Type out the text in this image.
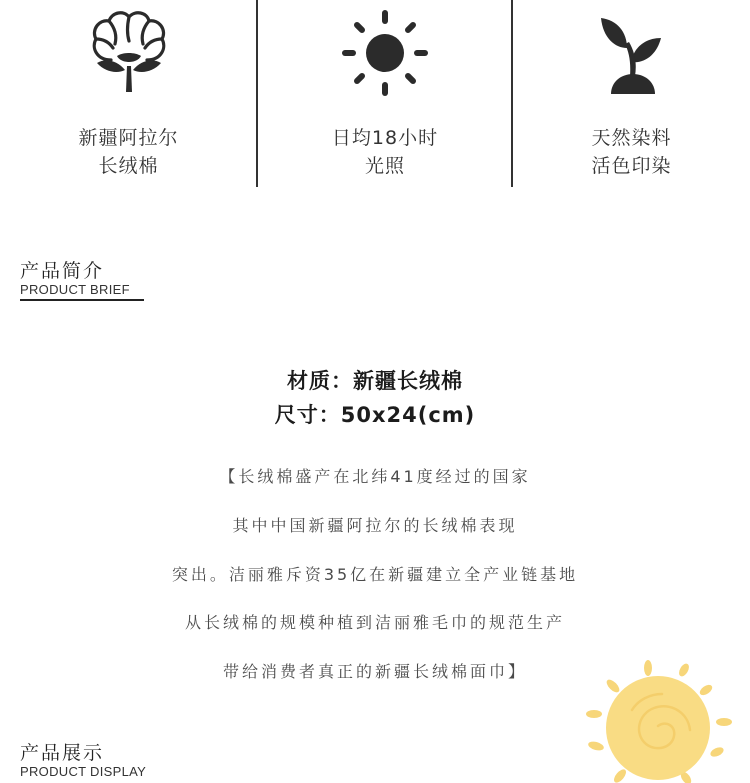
新疆阿拉尔
长绒棉
日均18小时
光照
天然染料
活色印染
产品简介
PRODUCT BRIEF
材质：新疆长绒棉
尺寸：50x24(cm)
【长绒棉盛产在北纬41度经过的国家
其中中国新疆阿拉尔的长绒棉表现
突出。洁丽雅斥资35亿在新疆建立全产业链基地
从长绒棉的规模种植到洁丽雅毛巾的规范生产
带给消费者真正的新疆长绒棉面巾】
产品展示
PRODUCT DISPLAY
